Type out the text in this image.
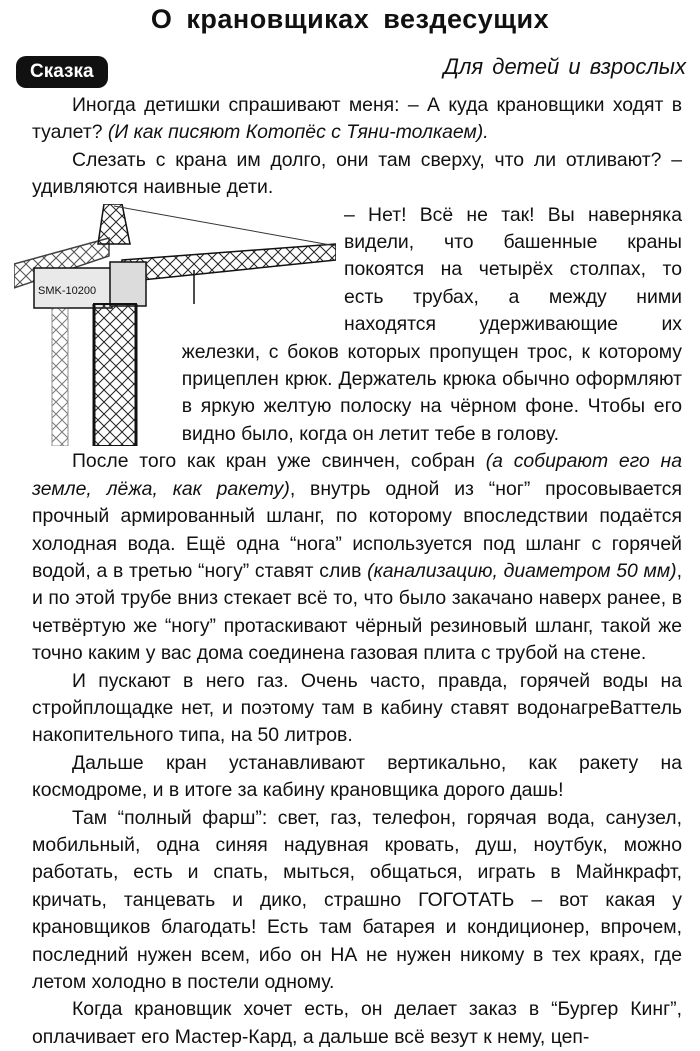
О крановщиках вездесущих
Сказка	Для детей и взрослых

Иногда детишки спрашивают меня: – А куда крановщики ходят в туалет? (И как писяют Котопёс с Тяни-толкаем).

Слезать с крана им долго, они там сверху, что ли отливают? – удивляются наивные дети.

SMK-10200
– Нет! Всё не так! Вы наверняка видели, что башенные краны покоятся на четырёх столпах, то есть трубах, а между ними находятся удерживающие их железки, с боков которых пропущен трос, к которому прицеплен крюк. Держатель крюка обычно оформляют в яркую желтую полоску на чёрном фоне. Чтобы его видно было, когда он летит тебе в голову.

После того как кран уже свинчен, собран (а собирают его на земле, лёжа, как ракету), внутрь одной из “ног” просовывается прочный армированный шланг, по которому впоследствии подаётся холодная вода. Ещё одна “нога” используется под шланг с горячей водой, а в третью “ногу” ставят слив (канализацию, диаметром 50 мм), и по этой трубе вниз стекает всё то, что было закачано наверх ранее, в четвёртую же “ногу” протаскивают чёрный резиновый шланг, такой же точно каким у вас дома соединена газовая плита с трубой на стене.

И пускают в него газ. Очень часто, правда, горячей воды на стройплощадке нет, и поэтому там в кабину ставят водонагреВаттель накопительного типа, на 50 литров.

Дальше кран устанавливают вертикально, как ракету на космодроме, и в итоге за кабину крановщика дорого дашь!

Там “полный фарш”: свет, газ, телефон, горячая вода, санузел, мобильный, одна синяя надувная кровать, душ, ноутбук, можно работать, есть и спать, мыться, общаться, играть в Майнкрафт, кричать, танцевать и дико, страшно ГОГОТАТЬ – вот какая у крановщиков благодать! Есть там батарея и кондиционер, впрочем, последний нужен всем, ибо он НА не нужен никому в тех краях, где летом холодно в постели одному.

Когда крановщик хочет есть, он делает заказ в “Бургер Кинг”, оплачивает его Мастер-Кард, а дальше всё везут к нему, цеп-
